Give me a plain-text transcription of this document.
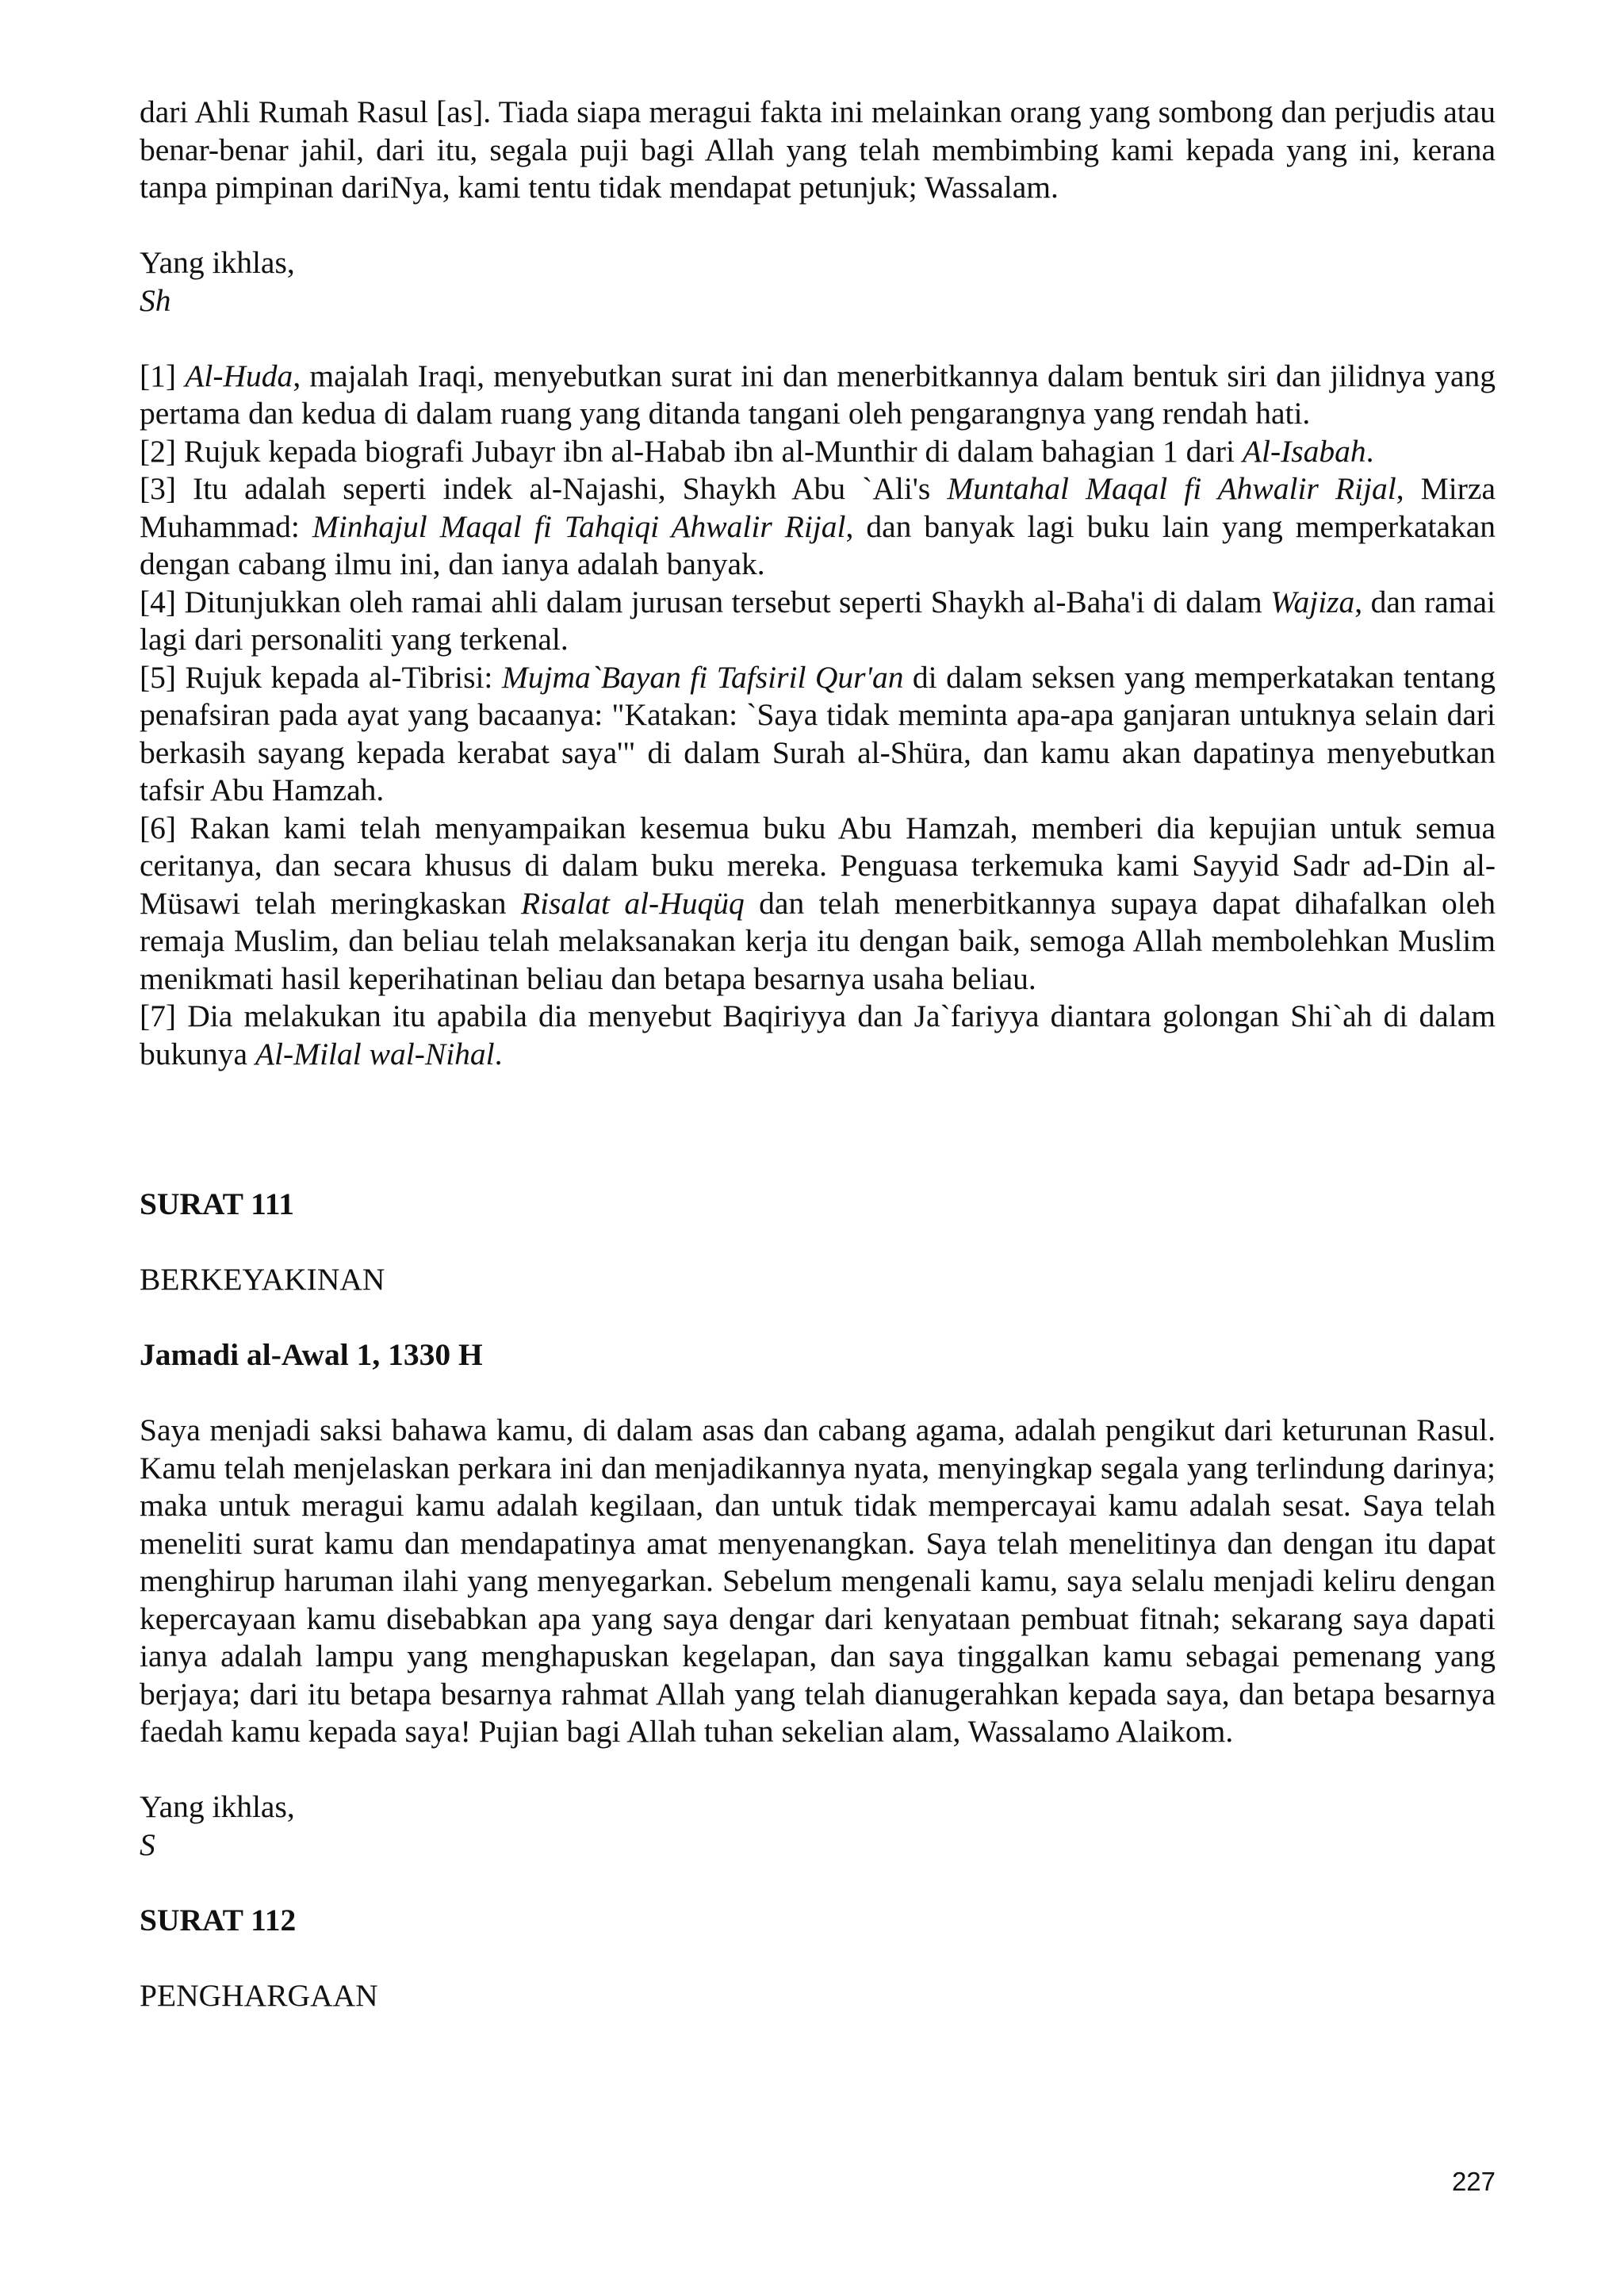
dari Ahli Rumah Rasul [as]. Tiada siapa meragui fakta ini melainkan orang yang sombong dan perjudis atau benar-benar jahil, dari itu, segala puji bagi Allah yang telah membimbing kami kepada yang ini, kerana tanpa pimpinan dariNya, kami tentu tidak mendapat petunjuk; Wassalam.

Yang ikhlas,

Sh

[1] Al-Huda, majalah Iraqi, menyebutkan surat ini dan menerbitkannya dalam bentuk siri dan jilidnya yang pertama dan kedua di dalam ruang yang ditanda tangani oleh pengarangnya yang rendah hati.

[2] Rujuk kepada biografi Jubayr ibn al-Habab ibn al-Munthir di dalam bahagian 1 dari Al-Isabah.

[3] Itu adalah seperti indek al-Najashi, Shaykh Abu `Ali's Muntahal Maqal fi Ahwalir Rijal, Mirza Muhammad: Minhajul Maqal fi Tahqiqi Ahwalir Rijal, dan banyak lagi buku lain yang memperkatakan dengan cabang ilmu ini, dan ianya adalah banyak.

[4] Ditunjukkan oleh ramai ahli dalam jurusan tersebut seperti Shaykh al-Baha'i di dalam Wajiza, dan ramai lagi dari personaliti yang terkenal.

[5] Rujuk kepada al-Tibrisi: Mujma`Bayan fi Tafsiril Qur'an di dalam seksen yang memperkatakan tentang penafsiran pada ayat yang bacaanya: "Katakan: `Saya tidak meminta apa-apa ganjaran untuknya selain dari berkasih sayang kepada kerabat saya'" di dalam Surah al-Shüra, dan kamu akan dapatinya menyebutkan tafsir Abu Hamzah.

[6] Rakan kami telah menyampaikan kesemua buku Abu Hamzah, memberi dia kepujian untuk semua ceritanya, dan secara khusus di dalam buku mereka. Penguasa terkemuka kami Sayyid Sadr ad-Din al-Müsawi telah meringkaskan Risalat al-Huqüq dan telah menerbitkannya supaya dapat dihafalkan oleh remaja Muslim, dan beliau telah melaksanakan kerja itu dengan baik, semoga Allah membolehkan Muslim menikmati hasil keperihatinan beliau dan betapa besarnya usaha beliau.

[7] Dia melakukan itu apabila dia menyebut Baqiriyya dan Ja`fariyya diantara golongan Shi`ah di dalam bukunya Al-Milal wal-Nihal.

SURAT 111

BERKEYAKINAN

Jamadi al-Awal 1, 1330 H

Saya menjadi saksi bahawa kamu, di dalam asas dan cabang agama, adalah pengikut dari keturunan Rasul. Kamu telah menjelaskan perkara ini dan menjadikannya nyata, menyingkap segala yang terlindung darinya; maka untuk meragui kamu adalah kegilaan, dan untuk tidak mempercayai kamu adalah sesat. Saya telah meneliti surat kamu dan mendapatinya amat menyenangkan. Saya telah menelitinya dan dengan itu dapat menghirup haruman ilahi yang menyegarkan. Sebelum mengenali kamu, saya selalu menjadi keliru dengan kepercayaan kamu disebabkan apa yang saya dengar dari kenyataan pembuat fitnah; sekarang saya dapati ianya adalah lampu yang menghapuskan kegelapan, dan saya tinggalkan kamu sebagai pemenang yang berjaya; dari itu betapa besarnya rahmat Allah yang telah dianugerahkan kepada saya, dan betapa besarnya faedah kamu kepada saya! Pujian bagi Allah tuhan sekelian alam, Wassalamo Alaikom.

Yang ikhlas,

S

SURAT 112

PENGHARGAAN

227
